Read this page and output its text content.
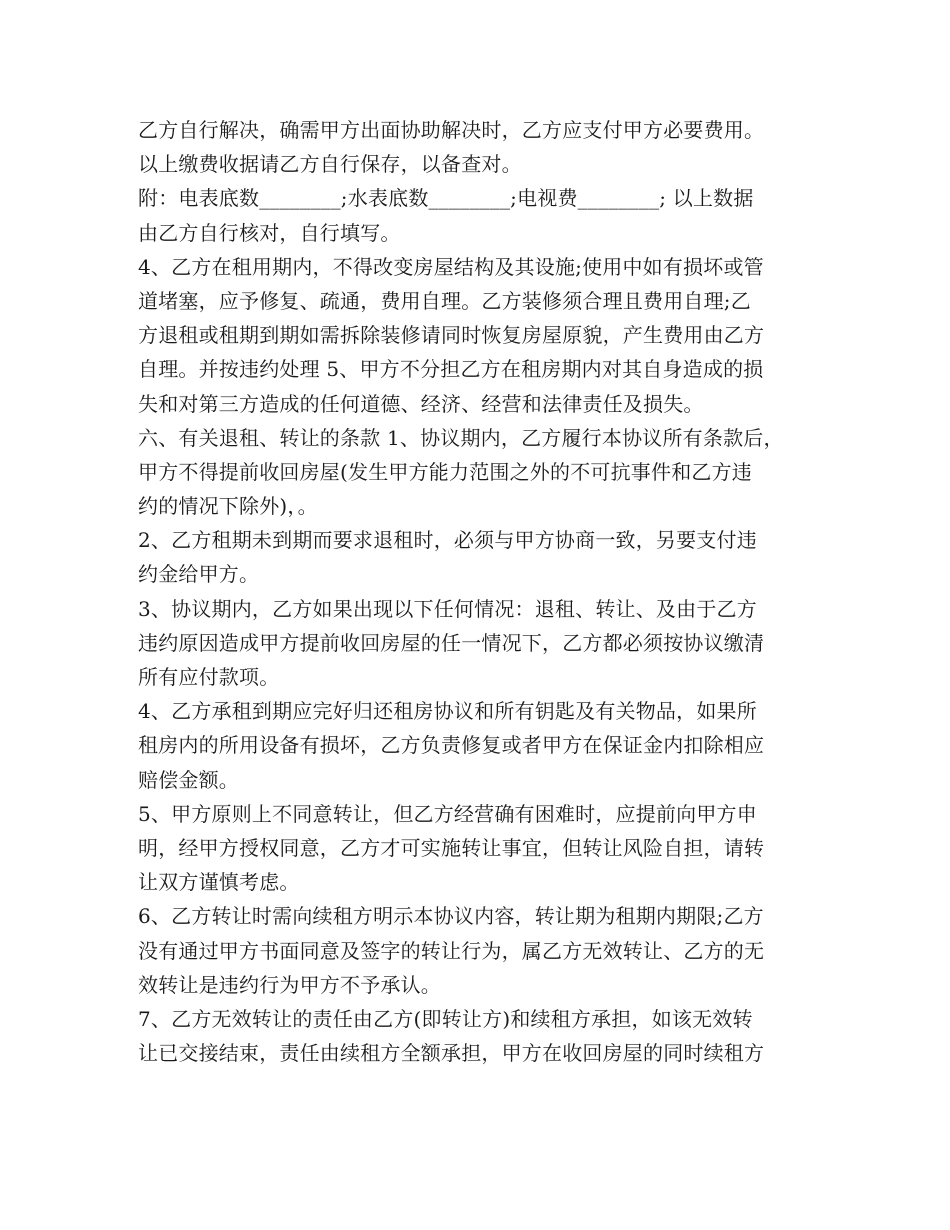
乙方自行解决，确需甲方出面协助解决时，乙方应支付甲方必要费用。
以上缴费收据请乙方自行保存，以备查对。
附：电表底数________;水表底数________;电视费________; 以上数据
由乙方自行核对，自行填写。
4、乙方在租用期内，不得改变房屋结构及其设施;使用中如有损坏或管
道堵塞，应予修复、疏通，费用自理。乙方装修须合理且费用自理;乙
方退租或租期到期如需拆除装修请同时恢复房屋原貌，产生费用由乙方
自理。并按违约处理 5、甲方不分担乙方在租房期内对其自身造成的损
失和对第三方造成的任何道德、经济、经营和法律责任及损失。
六、有关退租、转让的条款 1、协议期内，乙方履行本协议所有条款后，
甲方不得提前收回房屋(发生甲方能力范围之外的不可抗事件和乙方违
约的情况下除外)，。
2、乙方租期未到期而要求退租时，必须与甲方协商一致，另要支付违
约金给甲方。
3、协议期内，乙方如果出现以下任何情况：退租、转让、及由于乙方
违约原因造成甲方提前收回房屋的任一情况下，乙方都必须按协议缴清
所有应付款项。
4、乙方承租到期应完好归还租房协议和所有钥匙及有关物品，如果所
租房内的所用设备有损坏，乙方负责修复或者甲方在保证金内扣除相应
赔偿金额。
5、甲方原则上不同意转让，但乙方经营确有困难时，应提前向甲方申
明，经甲方授权同意，乙方才可实施转让事宜，但转让风险自担，请转
让双方谨慎考虑。
6、乙方转让时需向续租方明示本协议内容，转让期为租期内期限;乙方
没有通过甲方书面同意及签字的转让行为，属乙方无效转让、乙方的无
效转让是违约行为甲方不予承认。
7、乙方无效转让的责任由乙方(即转让方)和续租方承担，如该无效转
让已交接结束，责任由续租方全额承担，甲方在收回房屋的同时续租方
